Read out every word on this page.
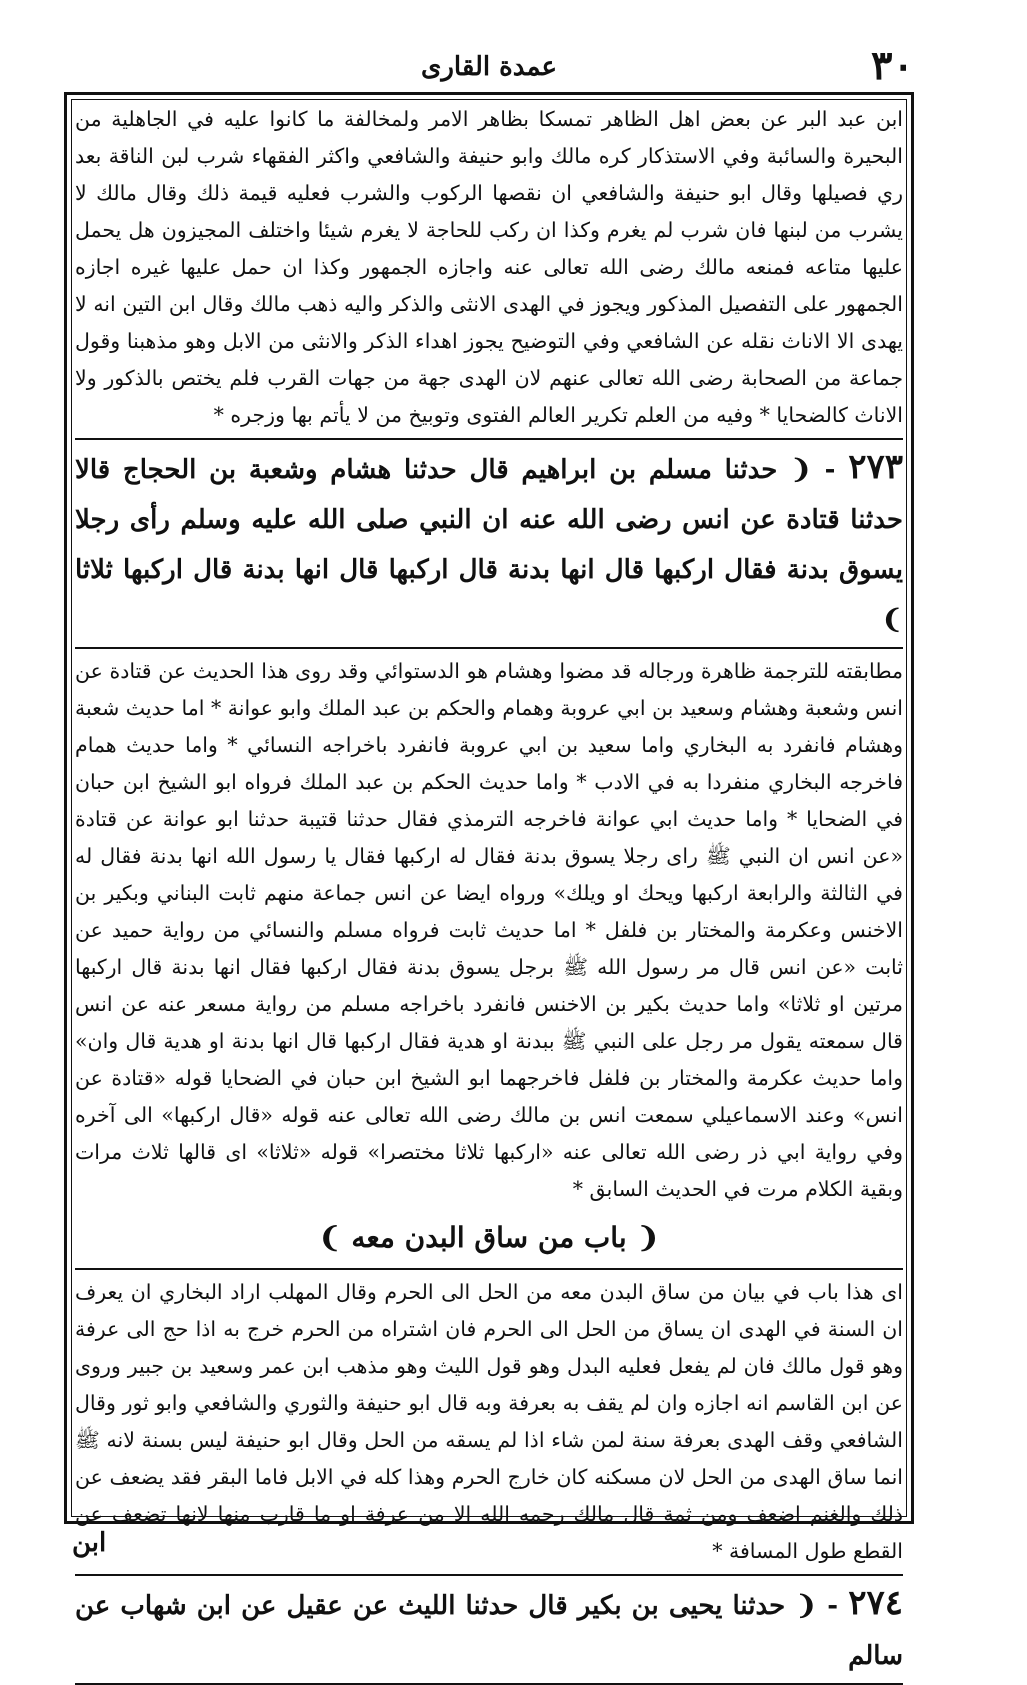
۳۰
عمدة القاری

ابن عبد البر عن بعض اهل الظاهر تمسكا بظاهر الامر ولمخالفة ما كانوا عليه في الجاهلية من البحيرة والسائبة وفي الاستذكار كره مالك وابو حنيفة والشافعي واكثر الفقهاء شرب لبن الناقة بعد ري فصيلها وقال ابو حنيفة والشافعي ان نقصها الركوب والشرب فعليه قيمة ذلك وقال مالك لا يشرب من لبنها فان شرب لم يغرم وكذا ان ركب للحاجة لا يغرم شيئا واختلف المجيزون هل يحمل عليها متاعه فمنعه مالك رضى الله تعالى عنه واجازه الجمهور وكذا ان حمل عليها غيره اجازه الجمهور على التفصيل المذكور ويجوز في الهدى الانثى والذكر واليه ذهب مالك وقال ابن التين انه لا يهدى الا الاناث نقله عن الشافعي وفي التوضيح يجوز اهداء الذكر والانثى من الابل وهو مذهبنا وقول جماعة من الصحابة رضى الله تعالى عنهم لان الهدى جهة من جهات القرب فلم يختص بالذكور ولا الاناث كالضحايا * وفيه من العلم تكرير العالم الفتوى وتوبيخ من لا يأتم بها وزجره *

٢٧٣ - ❨ حدثنا مسلم بن ابراهيم قال حدثنا هشام وشعبة بن الحجاج قالا حدثنا قتادة عن انس رضى الله عنه ان النبي صلى الله عليه وسلم رأى رجلا يسوق بدنة فقال اركبها قال انها بدنة قال اركبها قال انها بدنة قال اركبها ثلاثا ❩

مطابقته للترجمة ظاهرة ورجاله قد مضوا وهشام هو الدستوائي وقد روى هذا الحديث عن قتادة عن انس وشعبة وهشام وسعيد بن ابي عروبة وهمام والحكم بن عبد الملك وابو عوانة * اما حديث شعبة وهشام فانفرد به البخاري واما سعيد بن ابي عروبة فانفرد باخراجه النسائي * واما حديث همام فاخرجه البخاري منفردا به في الادب * واما حديث الحكم بن عبد الملك فرواه ابو الشيخ ابن حبان في الضحايا * واما حديث ابي عوانة فاخرجه الترمذي فقال حدثنا قتيبة حدثنا ابو عوانة عن قتادة «عن انس ان النبي ﷺ راى رجلا يسوق بدنة فقال له اركبها فقال يا رسول الله انها بدنة فقال له في الثالثة والرابعة اركبها ويحك او ويلك» ورواه ايضا عن انس جماعة منهم ثابت البناني وبكير بن الاخنس وعكرمة والمختار بن فلفل * اما حديث ثابت فرواه مسلم والنسائي من رواية حميد عن ثابت «عن انس قال مر رسول الله ﷺ برجل يسوق بدنة فقال اركبها فقال انها بدنة قال اركبها مرتين او ثلاثا» واما حديث بكير بن الاخنس فانفرد باخراجه مسلم من رواية مسعر عنه عن انس قال سمعته يقول مر رجل على النبي ﷺ ببدنة او هدية فقال اركبها قال انها بدنة او هدية قال وان» واما حديث عكرمة والمختار بن فلفل فاخرجهما ابو الشيخ ابن حبان في الضحايا قوله «قتادة عن انس» وعند الاسماعيلي سمعت انس بن مالك رضى الله تعالى عنه قوله «قال اركبها» الى آخره وفي رواية ابي ذر رضى الله تعالى عنه «اركبها ثلاثا مختصرا» قوله «ثلاثا» اى قالها ثلاث مرات وبقية الكلام مرت في الحديث السابق *

❨ باب من ساق البدن معه ❩

اى هذا باب في بيان من ساق البدن معه من الحل الى الحرم وقال المهلب اراد البخاري ان يعرف ان السنة في الهدى ان يساق من الحل الى الحرم فان اشتراه من الحرم خرج به اذا حج الى عرفة وهو قول مالك فان لم يفعل فعليه البدل وهو قول الليث وهو مذهب ابن عمر وسعيد بن جبير وروى عن ابن القاسم انه اجازه وان لم يقف به بعرفة وبه قال ابو حنيفة والثوري والشافعي وابو ثور وقال الشافعي وقف الهدى بعرفة سنة لمن شاء اذا لم يسقه من الحل وقال ابو حنيفة ليس بسنة لانه ﷺ انما ساق الهدى من الحل لان مسكنه كان خارج الحرم وهذا كله في الابل فاما البقر فقد يضعف عن ذلك والغنم اضعف ومن ثمة قال مالك رحمه الله الا من عرفة او ما قارب منها لانها تضعف عن القطع طول المسافة *

٢٧٤ - ❨ حدثنا يحيى بن بكير قال حدثنا الليث عن عقيل عن ابن شهاب عن سالم

ابن
